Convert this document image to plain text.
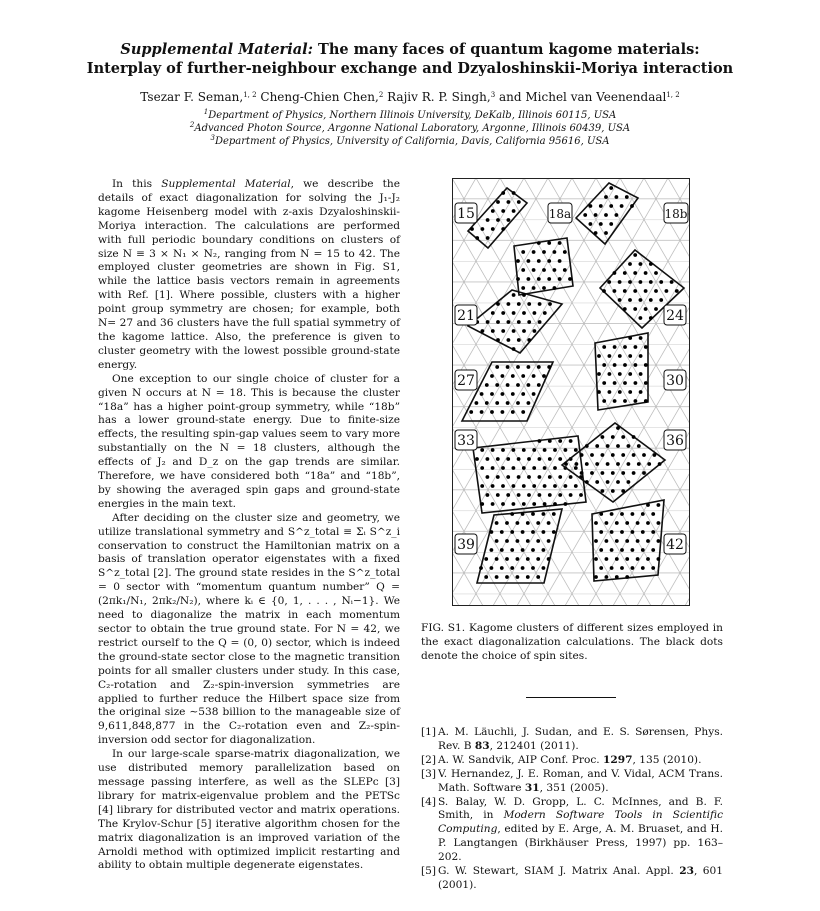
Supplemental Material: The many faces of quantum kagome materials:
Interplay of further-neighbour exchange and Dzyaloshinskii-Moriya interaction
Tsezar F. Seman,$^{1, 2}$ Cheng-Chien Chen,$^2$ Rajiv R. P. Singh,$^3$ and Michel van Veenendaal$^{1, 2}$
$^1$Department of Physics, Northern Illinois University, DeKalb, Illinois 60115, USA
$^2$Advanced Photon Source, Argonne National Laboratory, Argonne, Illinois 60439, USA
$^3$Department of Physics, University of California, Davis, California 95616, USA

In this Supplemental Material, we describe the details of exact diagonalization for solving the J₁-J₂ kagome Heisenberg model with z-axis Dzyaloshinskii-Moriya interaction. The calculations are performed with full periodic boundary conditions on clusters of size N ≡ 3 × N₁ × N₂, ranging from N = 15 to 42. The employed cluster geometries are shown in Fig. S1, while the lattice basis vectors remain in agreements with Ref. [1]. Where possible, clusters with a higher point group symmetry are chosen; for example, both N= 27 and 36 clusters have the full spatial symmetry of the kagome lattice. Also, the preference is given to cluster geometry with the lowest possible ground-state energy.

One exception to our single choice of cluster for a given N occurs at N = 18. This is because the cluster “18a” has a higher point-group symmetry, while “18b” has a lower ground-state energy. Due to finite-size effects, the resulting spin-gap values seem to vary more substantially on the N = 18 clusters, although the effects of J₂ and D_z on the gap trends are similar. Therefore, we have considered both “18a” and “18b”, by showing the averaged spin gaps and ground-state energies in the main text.

After deciding on the cluster size and geometry, we utilize translational symmetry and S^z_total ≡ Σᵢ S^z_i conservation to construct the Hamiltonian matrix on a basis of translation operator eigenstates with a fixed S^z_total [2]. The ground state resides in the S^z_total = 0 sector with “momentum quantum number” Q = (2πk₁/N₁, 2πk₂/N₂), where kᵢ ∈ {0, 1, . . . , Nᵢ−1}. We need to diagonalize the matrix in each momentum sector to obtain the true ground state. For N = 42, we restrict ourself to the Q = (0, 0) sector, which is indeed the ground-state sector close to the magnetic transition points for all smaller clusters under study. In this case, C₂-rotation and Z₂-spin-inversion symmetries are applied to further reduce the Hilbert space size from the original size ∼538 billion to the manageable size of 9,611,848,877 in the C₂-rotation even and Z₂-spin-inversion odd sector for diagonalization.

In our large-scale sparse-matrix diagonalization, we use distributed memory parallelization based on message passing interfere, as well as the SLEPc [3] library for matrix-eigenvalue problem and the PETSc [4] library for distributed vector and matrix operations. The Krylov-Schur [5] iterative algorithm chosen for the matrix diagonalization is an improved variation of the Arnoldi method with optimized implicit restarting and ability to obtain multiple degenerate eigenstates.

15	18a	18b
21	24
27	30
33	36
39	42
FIG. S1. Kagome clusters of different sizes employed in the exact diagonalization calculations. The black dots denote the choice of spin sites.
[1] A. M. Läuchli, J. Sudan, and E. S. Sørensen, Phys. Rev. B 83, 212401 (2011).
[2] A. W. Sandvik, AIP Conf. Proc. 1297, 135 (2010).
[3] V. Hernandez, J. E. Roman, and V. Vidal, ACM Trans. Math. Software 31, 351 (2005).
[4] S. Balay, W. D. Gropp, L. C. McInnes, and B. F. Smith, in Modern Software Tools in Scientific Computing, edited by E. Arge, A. M. Bruaset, and H. P. Langtangen (Birkhäuser Press, 1997) pp. 163–202.
[5] G. W. Stewart, SIAM J. Matrix Anal. Appl. 23, 601 (2001).
